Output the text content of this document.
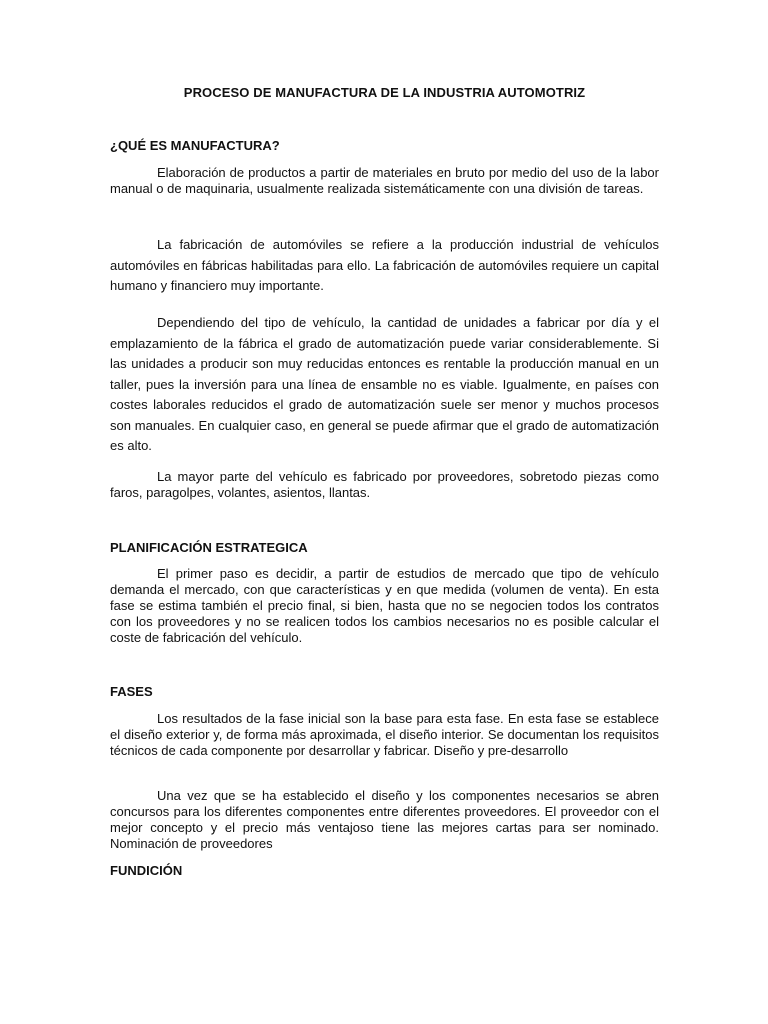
PROCESO DE MANUFACTURA DE LA INDUSTRIA AUTOMOTRIZ
¿QUÉ ES MANUFACTURA?

Elaboración de productos a partir de materiales en bruto por medio del uso de la labor manual o de maquinaria, usualmente realizada sistemáticamente con una división de tareas.

La fabricación de automóviles se refiere a la producción industrial de vehículos automóviles en fábricas habilitadas para ello. La fabricación de automóviles requiere un capital humano y financiero muy importante.

Dependiendo del tipo de vehículo, la cantidad de unidades a fabricar por día y el emplazamiento de la fábrica el grado de automatización puede variar considerablemente. Si las unidades a producir son muy reducidas entonces es rentable la producción manual en un taller, pues la inversión para una línea de ensamble no es viable. Igualmente, en países con costes laborales reducidos el grado de automatización suele ser menor y muchos procesos son manuales. En cualquier caso, en general se puede afirmar que el grado de automatización es alto.

La mayor parte del vehículo es fabricado por proveedores, sobretodo piezas como faros, paragolpes, volantes, asientos, llantas.

PLANIFICACIÓN ESTRATEGICA

El primer paso es decidir, a partir de estudios de mercado que tipo de vehículo demanda el mercado, con que características y en que medida (volumen de venta). En esta fase se estima también el precio final, si bien, hasta que no se negocien todos los contratos con los proveedores y no se realicen todos los cambios necesarios no es posible calcular el coste de fabricación del vehículo.

FASES

Los resultados de la fase inicial son la base para esta fase. En esta fase se establece el diseño exterior y, de forma más aproximada, el diseño interior. Se documentan los requisitos técnicos de cada componente por desarrollar y fabricar. Diseño y pre-desarrollo

Una vez que se ha establecido el diseño y los componentes necesarios se abren concursos para los diferentes componentes entre diferentes proveedores. El proveedor con el mejor concepto y el precio más ventajoso tiene las mejores cartas para ser nominado. Nominación de proveedores

FUNDICIÓN
